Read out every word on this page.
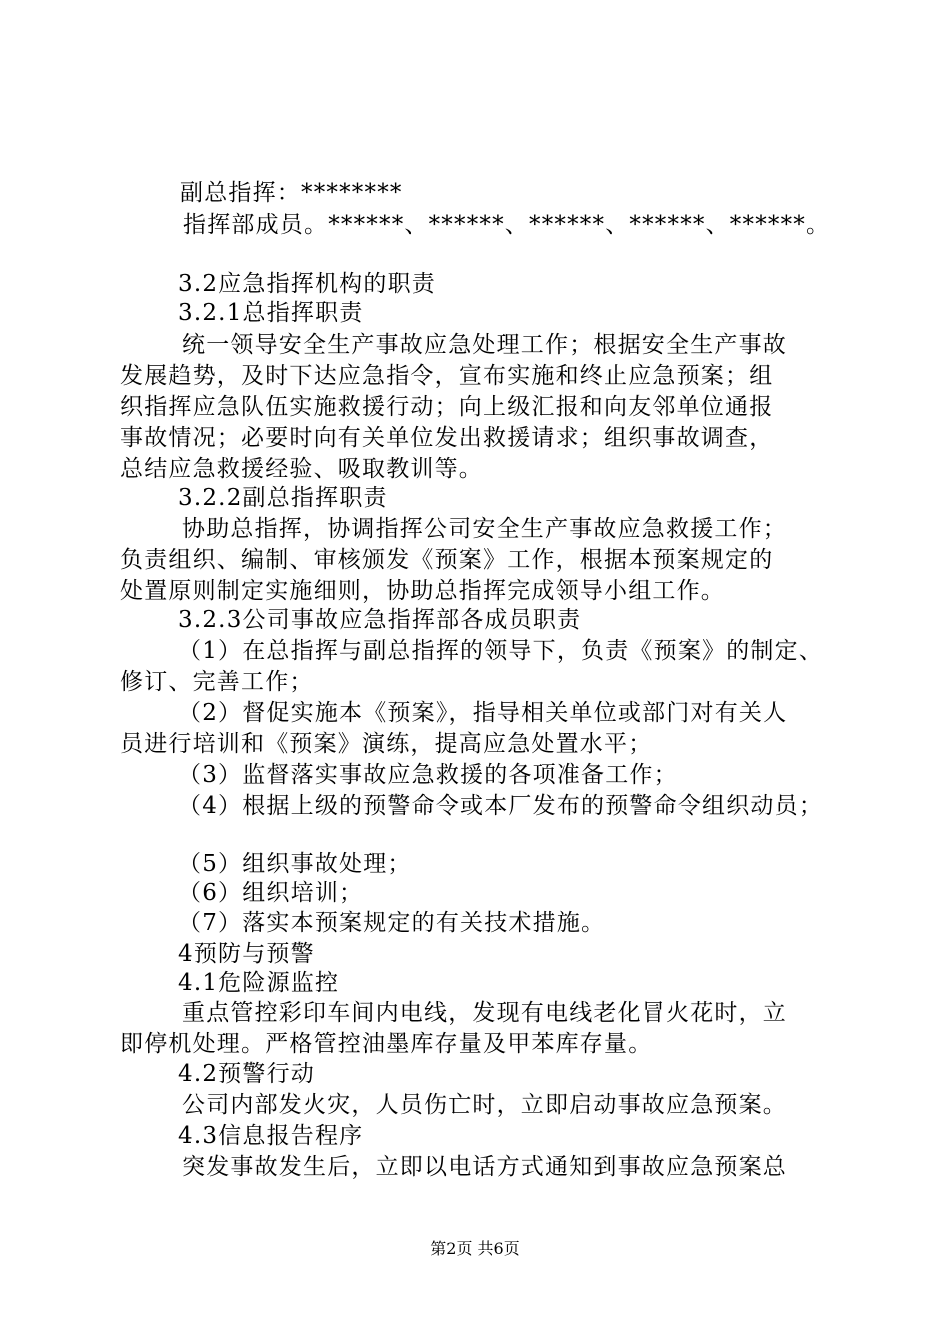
副总指挥：********
指挥部成员。******、******、******、******、******。
3.2应急指挥机构的职责
3.2.1总指挥职责
统一领导安全生产事故应急处理工作；根据安全生产事故
发展趋势，及时下达应急指令，宣布实施和终止应急预案；组
织指挥应急队伍实施救援行动；向上级汇报和向友邻单位通报
事故情况；必要时向有关单位发出救援请求；组织事故调查，
总结应急救援经验、吸取教训等。
3.2.2副总指挥职责
协助总指挥，协调指挥公司安全生产事故应急救援工作；
负责组织、编制、审核颁发《预案》工作，根据本预案规定的
处置原则制定实施细则，协助总指挥完成领导小组工作。
3.2.3公司事故应急指挥部各成员职责
（1）在总指挥与副总指挥的领导下，负责《预案》的制定、
修订、完善工作；
（2）督促实施本《预案》，指导相关单位或部门对有关人
员进行培训和《预案》演练，提高应急处置水平；
（3）监督落实事故应急救援的各项准备工作；
（4）根据上级的预警命令或本厂发布的预警命令组织动员；
（5）组织事故处理；
（6）组织培训；
（7）落实本预案规定的有关技术措施。
4预防与预警
4.1危险源监控
重点管控彩印车间内电线，发现有电线老化冒火花时，立
即停机处理。严格管控油墨库存量及甲苯库存量。
4.2预警行动
公司内部发火灾，人员伤亡时，立即启动事故应急预案。
4.3信息报告程序
突发事故发生后，立即以电话方式通知到事故应急预案总
第2页 共6页
